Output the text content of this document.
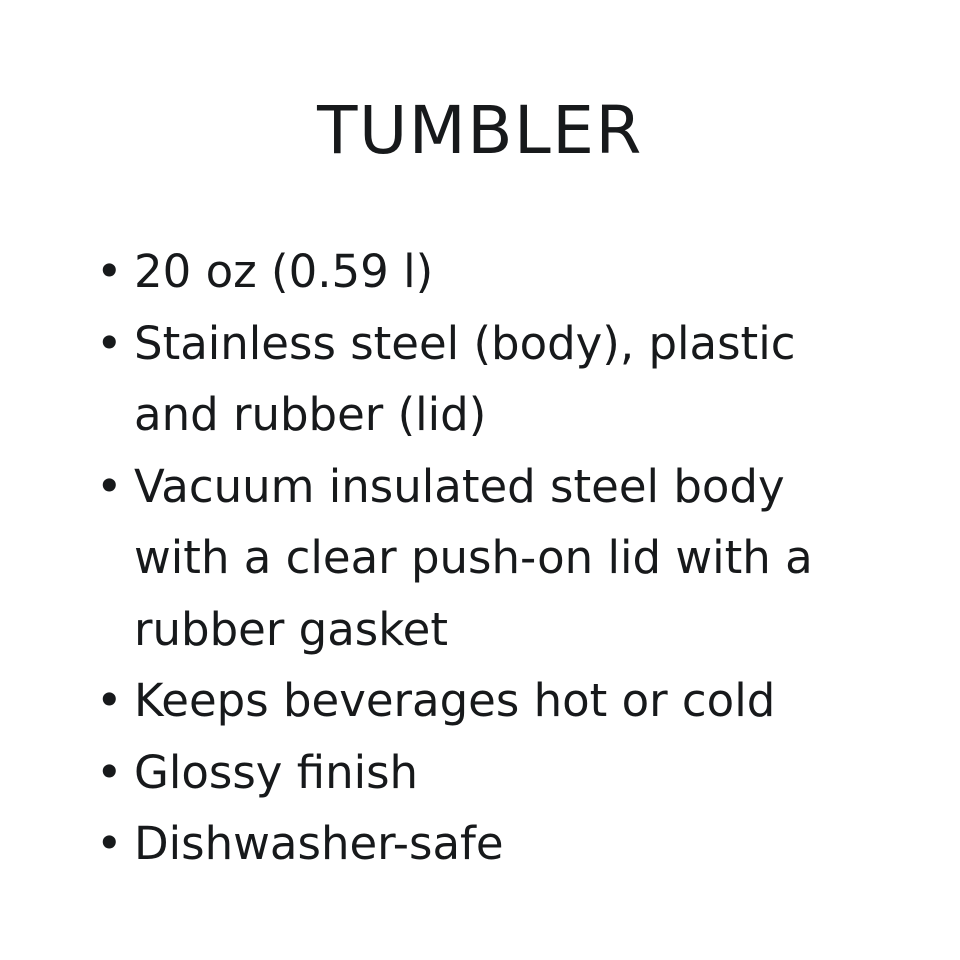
TUMBLER
• 20 oz (0.59 l)
• Stainless steel (body), plastic and rubber (lid)
• Vacuum insulated steel body with a clear push-on lid with a rubber gasket
• Keeps beverages hot or cold
• Glossy finish
• Dishwasher-safe
